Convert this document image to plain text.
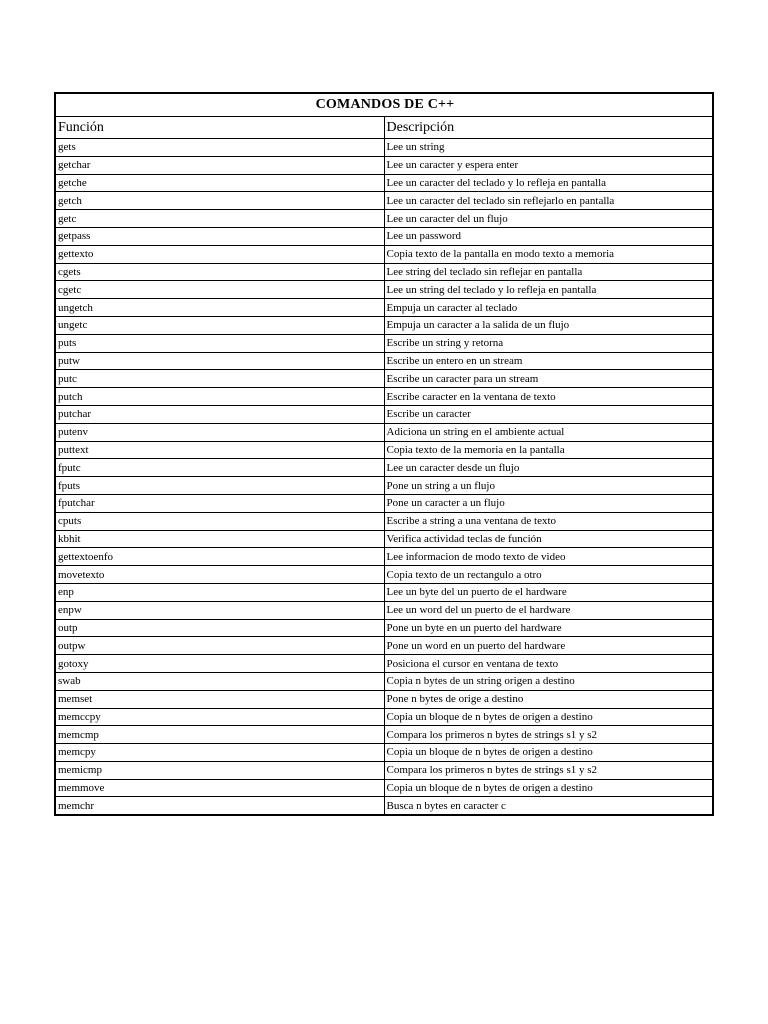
COMANDOS DE C++	
Función	Descripción
gets	Lee un string
getchar	Lee un caracter y espera enter
getche	Lee un caracter del teclado y lo refleja en pantalla
getch	Lee un caracter del teclado sin reflejarlo en pantalla
getc	Lee un caracter del un flujo
getpass	Lee un password
gettexto	Copia texto de la pantalla en modo texto a memoria
cgets	Lee string del teclado sin reflejar en pantalla
cgetc	Lee un string del teclado y lo refleja en pantalla
ungetch	Empuja un caracter al teclado
ungetc	Empuja un caracter a la salida de un flujo
puts	Escribe un string y retorna
putw	Escribe un entero en un stream
putc	Escribe un caracter para un stream
putch	Escribe caracter en la ventana de texto
putchar	Escribe un caracter
putenv	Adiciona un string en el ambiente actual
puttext	Copia texto de la memoria en la pantalla
fputc	Lee un caracter desde un flujo
fputs	Pone un string a un flujo
fputchar	Pone un caracter a un flujo
cputs	Escribe a string a una ventana de texto
kbhit	Verifica actividad teclas de función
gettextoenfo	Lee informacion de modo texto de video
movetexto	Copia texto de un rectangulo a otro
enp	Lee un byte del un puerto de el hardware
enpw	Lee un word del un puerto de el hardware
outp	Pone un byte en un puerto del hardware
outpw	Pone un word en un puerto del hardware
gotoxy	Posiciona el cursor en ventana de texto
swab	Copia n bytes de un string origen a destino
memset	Pone n bytes de orige a destino
memccpy	Copia un bloque de n bytes de origen a destino
memcmp	Compara los primeros n bytes de strings s1 y s2
memcpy	Copia un bloque de n bytes de origen a destino
memicmp	Compara los primeros n bytes de strings s1 y s2
memmove	Copia un bloque de n bytes de origen a destino
memchr	Busca n bytes en caracter c
